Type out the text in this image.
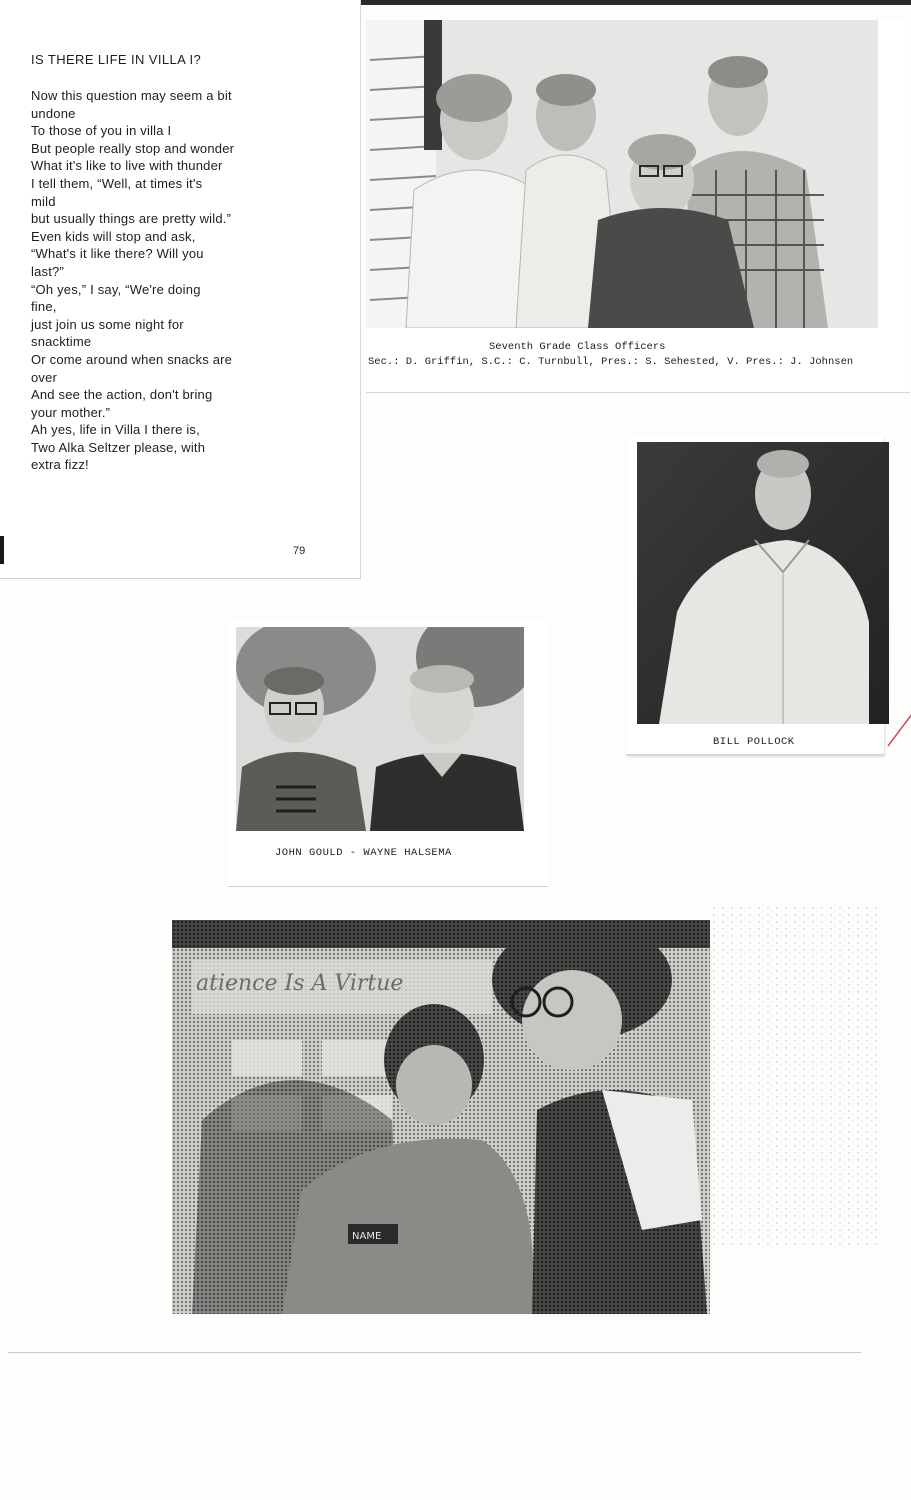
IS THERE LIFE IN VILLA I?
Now this question may seem a bit
undone
To those of you in villa I
But people really stop and wonder
What it's like to live with thunder
I tell them, “Well, at times it's
mild
but usually things are pretty wild.”
Even kids will stop and ask,
“What's it like there? Will you
last?”
“Oh yes,” I say, “We're doing
fine,
just join us some night for
snacktime
Or come around when snacks are
over
And see the action, don't bring
your mother.”
Ah yes, life in Villa I there is,
Two Alka Seltzer please, with
extra fizz!
79

Seventh Grade Class Officers

Sec.: D. Griffin, S.C.: C. Turnbull, Pres.: S. Sehested, V. Pres.: J. Johnsen

BILL POLLOCK

JOHN GOULD - WAYNE HALSEMA

atience Is A Virtue
NAME
